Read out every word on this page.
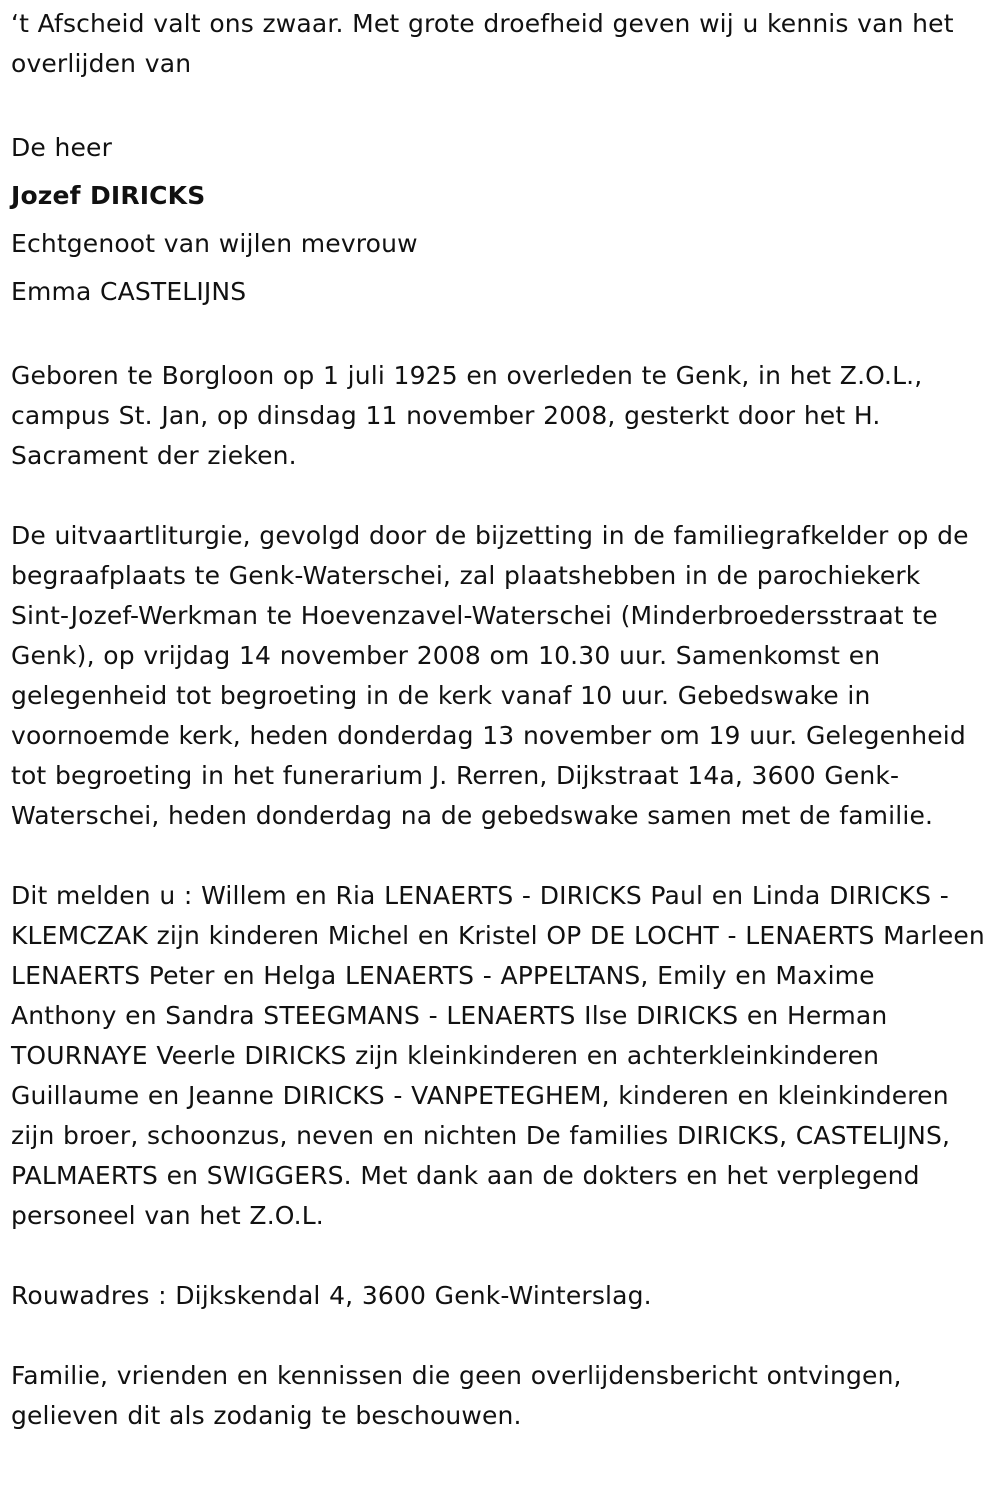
‘t Afscheid valt ons zwaar. Met grote droefheid geven wij u kennis van het overlijden van

De heer

Jozef DIRICKS

Echtgenoot van wijlen mevrouw

Emma CASTELIJNS

Geboren te Borgloon op 1 juli 1925 en overleden te Genk, in het Z.O.L., campus St. Jan, op dinsdag 11 november 2008, gesterkt door het H. Sacrament der zieken.

De uitvaartliturgie, gevolgd door de bijzetting in de familiegrafkelder op de begraafplaats te Genk-Waterschei, zal plaatshebben in de parochiekerk Sint-Jozef-Werkman te Hoevenzavel-Waterschei (Minderbroedersstraat te Genk), op vrijdag 14 november 2008 om 10.30 uur. Samenkomst en gelegenheid tot begroeting in de kerk vanaf 10 uur. Gebedswake in voornoemde kerk, heden donderdag 13 november om 19 uur. Gelegenheid tot begroeting in het funerarium J. Rerren, Dijkstraat 14a, 3600 Genk-Waterschei, heden donderdag na de gebedswake samen met de familie.

Dit melden u : Willem en Ria LENAERTS - DIRICKS Paul en Linda DIRICKS - KLEMCZAK zijn kinderen Michel en Kristel OP DE LOCHT - LENAERTS Marleen LENAERTS Peter en Helga LENAERTS - APPELTANS, Emily en Maxime Anthony en Sandra STEEGMANS - LENAERTS Ilse DIRICKS en Herman TOURNAYE Veerle DIRICKS zijn kleinkinderen en achterkleinkinderen Guillaume en Jeanne DIRICKS - VANPETEGHEM, kinderen en kleinkinderen zijn broer, schoonzus, neven en nichten De families DIRICKS, CASTELIJNS, PALMAERTS en SWIGGERS. Met dank aan de dokters en het verplegend personeel van het Z.O.L.

Rouwadres : Dijkskendal 4, 3600 Genk-Winterslag.

Familie, vrienden en kennissen die geen overlijdensbericht ontvingen, gelieven dit als zodanig te beschouwen.
